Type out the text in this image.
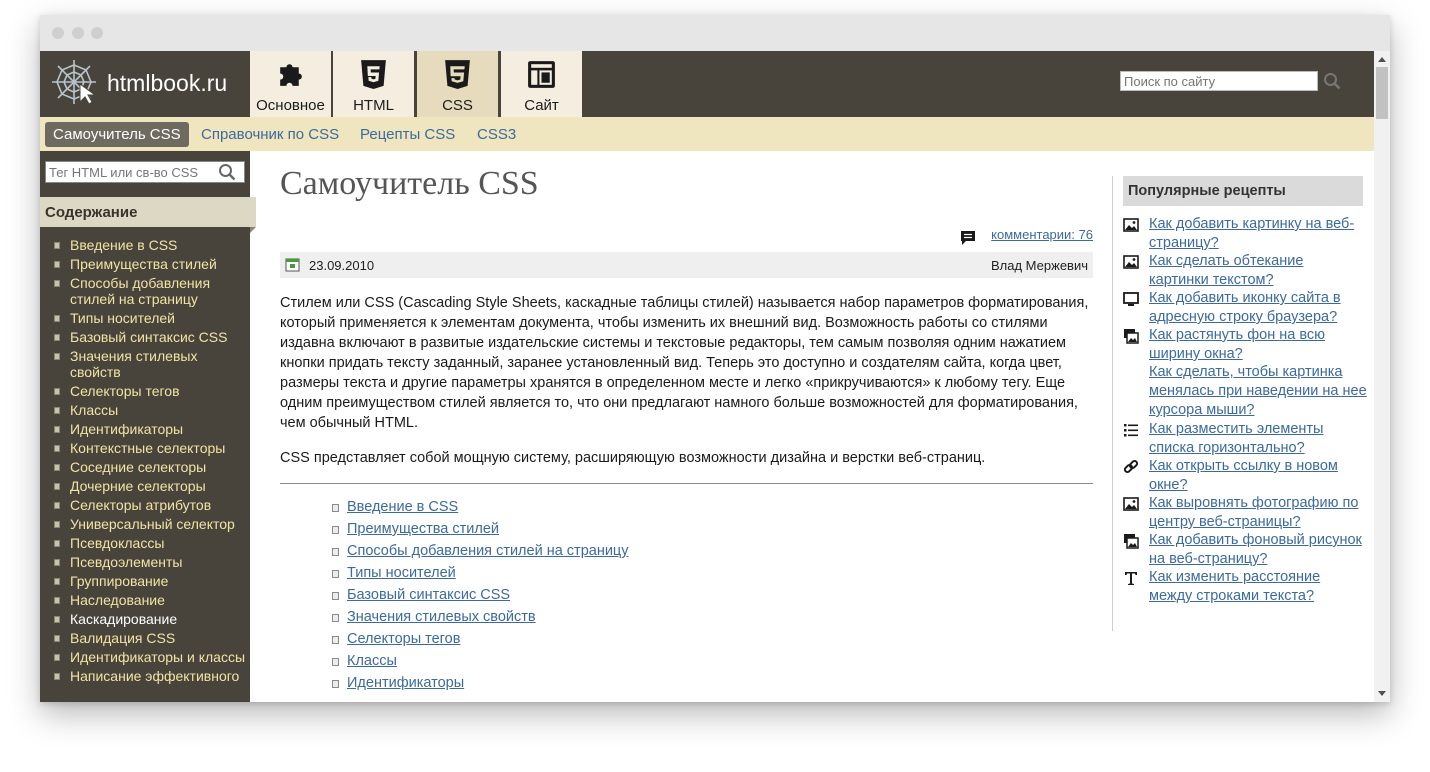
htmlbook.ru
Основное	HTML	CSS	Сайт
Поиск по сайту
Самоучитель CSS	Справочник по CSS Рецепты CSS CSS3
Тег HTML или св-во CSS
Содержание
Введение в CSS
Преимущества стилей
Способы добавления стилей на страницу
Типы носителей
Базовый синтаксис CSS
Значения стилевых свойств
Селекторы тегов
Классы
Идентификаторы
Контекстные селекторы
Соседние селекторы
Дочерние селекторы
Селекторы атрибутов
Универсальный селектор
Псевдоклассы
Псевдоэлементы
Группирование
Наследование
Каскадирование
Валидация CSS
Идентификаторы и классы
Написание эффективного
Самоучитель CSS
комментарии: 76
23.09.2010	Влад Мержевич

Стилем или CSS (Cascading Style Sheets, каскадные таблицы стилей) называется набор параметров форматирования, который применяется к элементам документа, чтобы изменить их внешний вид. Возможность работы со стилями издавна включают в развитые издательские системы и текстовые редакторы, тем самым позволяя одним нажатием кнопки придать тексту заданный, заранее установленный вид. Теперь это доступно и создателям сайта, когда цвет, размеры текста и другие параметры хранятся в определенном месте и легко «прикручиваются» к любому тегу. Еще одним преимуществом стилей является то, что они предлагают намного больше возможностей для форматирования, чем обычный HTML.

CSS представляет собой мощную систему, расширяющую возможности дизайна и верстки веб-страниц.

Введение в CSS
Преимущества стилей
Способы добавления стилей на страницу
Типы носителей
Базовый синтаксис CSS
Значения стилевых свойств
Селекторы тегов
Классы
Идентификаторы
Популярные рецепты
Как добавить картинку на веб-страницу?
Как сделать обтекание картинки текстом?
Как добавить иконку сайта в адресную строку браузера?
Как растянуть фон на всю ширину окна?
Как сделать, чтобы картинка менялась при наведении на нее курсора мыши?
Как разместить элементы списка горизонтально?
Как открыть ссылку в новом окне?
Как выровнять фотографию по центру веб-страницы?
Как добавить фоновый рисунок на веб-страницу?
Как изменить расстояние между строками текста?
